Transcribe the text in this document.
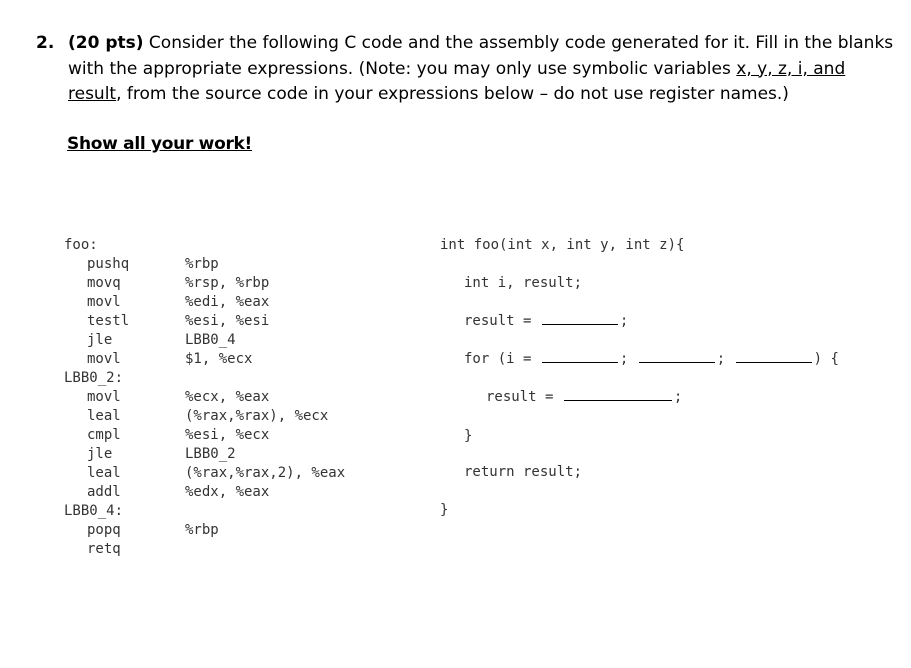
2. (20 pts) Consider the following C code and the assembly code generated for it. Fill in the blanks with the appropriate expressions. (Note: you may only use symbolic variables x, y, z, i, and result, from the source code in your expressions below – do not use register names.)
Show all your work!
foo:
pushq	%rbp
movq	%rsp, %rbp
movl	%edi, %eax
testl	%esi, %esi
jle	LBB0_4
movl	$1, %ecx
LBB0_2:
movl	%ecx, %eax
leal	(%rax,%rax), %ecx
cmpl	%esi, %ecx
jle	LBB0_2
leal	(%rax,%rax,2), %eax
addl	%edx, %eax
LBB0_4:
popq	%rbp
retq
int foo(int x, int y, int z){
int i, result;
result =	;
for (i =	;	;	) {
result =	;
}
return result;
}
